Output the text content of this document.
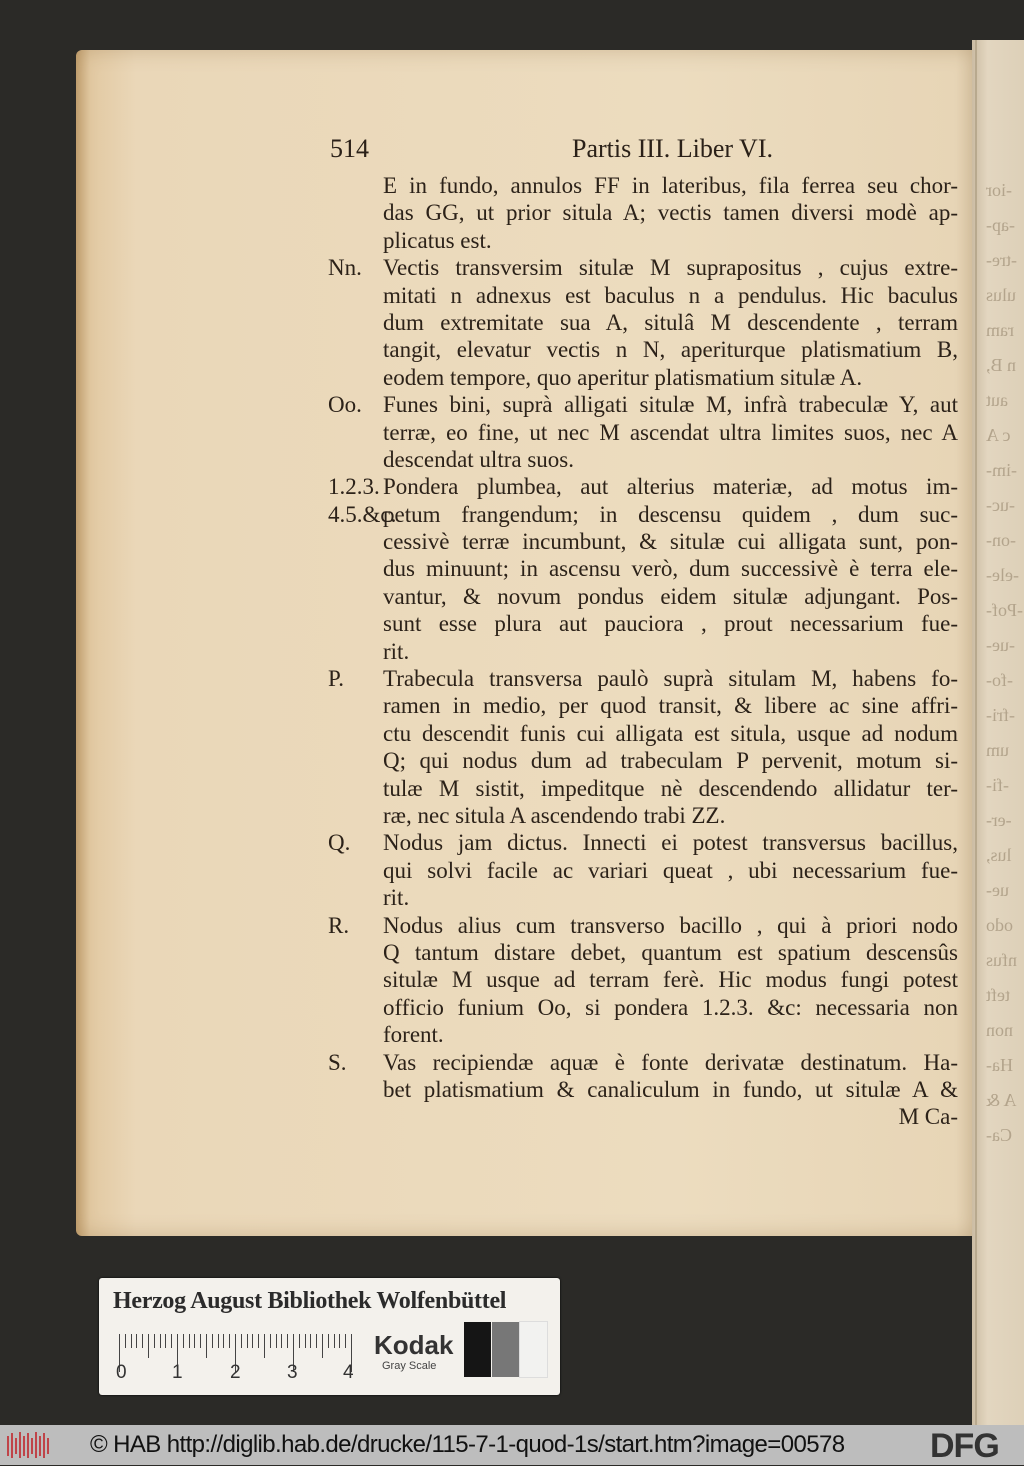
-ior
-ap-
-tre-
ulus
ram
n B,
aut
c A
-im-
-uc-
-on-
-ele-
-Pof-
-ue-
-fo-
-fri-
um
-fi-
-er-
lus,
ue-
odo
nfus
teft
non
Ha-
A &
Ca-
514	Partis III. Liber VI.
E in fundo, annulos FF in lateribus, fila ferrea seu chor-
das GG, ut prior situla A; vectis tamen diversi modè ap-
plicatus est.
Nn. Vectis transversim situlæ M suprapositus , cujus extre-
mitati n adnexus est baculus n a pendulus. Hic baculus
dum extremitate sua A, situlâ M descendente , terram
tangit, elevatur vectis n N, aperiturque platismatium B,
eodem tempore, quo aperitur platismatium situlæ A.
Oo. Funes bini, suprà alligati situlæ M, infrà trabeculæ Y, aut
terræ, eo fine, ut nec M ascendat ultra limites suos, nec A
descendat ultra suos.
1.2.3. Pondera plumbea, aut alterius materiæ, ad motus im-
4.5.&c.
petum frangendum; in descensu quidem , dum suc-
cessivè terræ incumbunt, & situlæ cui alligata sunt, pon-
dus minuunt; in ascensu verò, dum successivè è terra ele-
vantur, & novum pondus eidem situlæ adjungant. Pos-
sunt esse plura aut pauciora , prout necessarium fue-
rit.
P. Trabecula transversa paulò suprà situlam M, habens fo-
ramen in medio, per quod transit, & libere ac sine affri-
ctu descendit funis cui alligata est situla, usque ad nodum
Q; qui nodus dum ad trabeculam P pervenit, motum si-
tulæ M sistit, impeditque nè descendendo allidatur ter-
ræ, nec situla A ascendendo trabi ZZ.
Q. Nodus jam dictus. Innecti ei potest transversus bacillus,
qui solvi facile ac variari queat , ubi necessarium fue-
rit.
R. Nodus alius cum transverso bacillo , qui à priori nodo
Q tantum distare debet, quantum est spatium descensûs
situlæ M usque ad terram ferè. Hic modus fungi potest
officio funium Oo, si pondera 1.2.3. &c: necessaria non
forent.
S. Vas recipiendæ aquæ è fonte derivatæ destinatum. Ha-
bet platismatium & canaliculum in fundo, ut situlæ A &
M Ca-
Herzog August Bibliothek Wolfenbüttel
0 1 2 3 4
Kodak
Gray Scale
© HAB http://diglib.hab.de/drucke/115-7-1-quod-1s/start.htm?image=00578	DFG
